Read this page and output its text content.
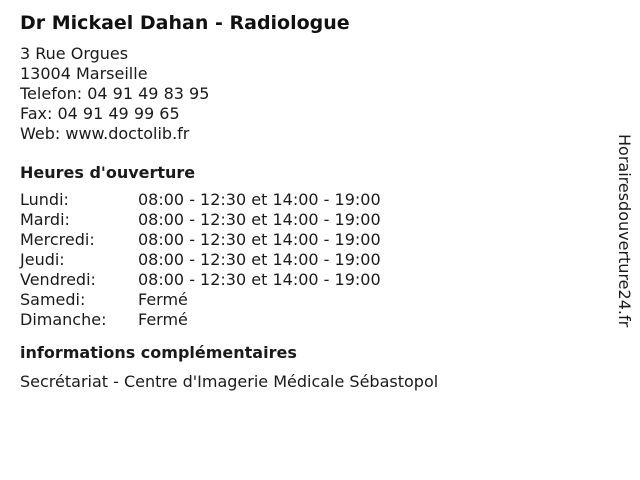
Dr Mickael Dahan - Radiologue
3 Rue Orgues
13004 Marseille
Telefon: 04 91 49 83 95
Fax: 04 91 49 99 65
Web: www.doctolib.fr
Heures d'ouverture
Lundi:	08:00 - 12:30 et 14:00 - 19:00
Mardi:	08:00 - 12:30 et 14:00 - 19:00
Mercredi:	08:00 - 12:30 et 14:00 - 19:00
Jeudi:	08:00 - 12:30 et 14:00 - 19:00
Vendredi:	08:00 - 12:30 et 14:00 - 19:00
Samedi:	Fermé
Dimanche:	Fermé
informations complémentaires
Secrétariat - Centre d'Imagerie Médicale Sébastopol
Horairesdouverture24.fr
